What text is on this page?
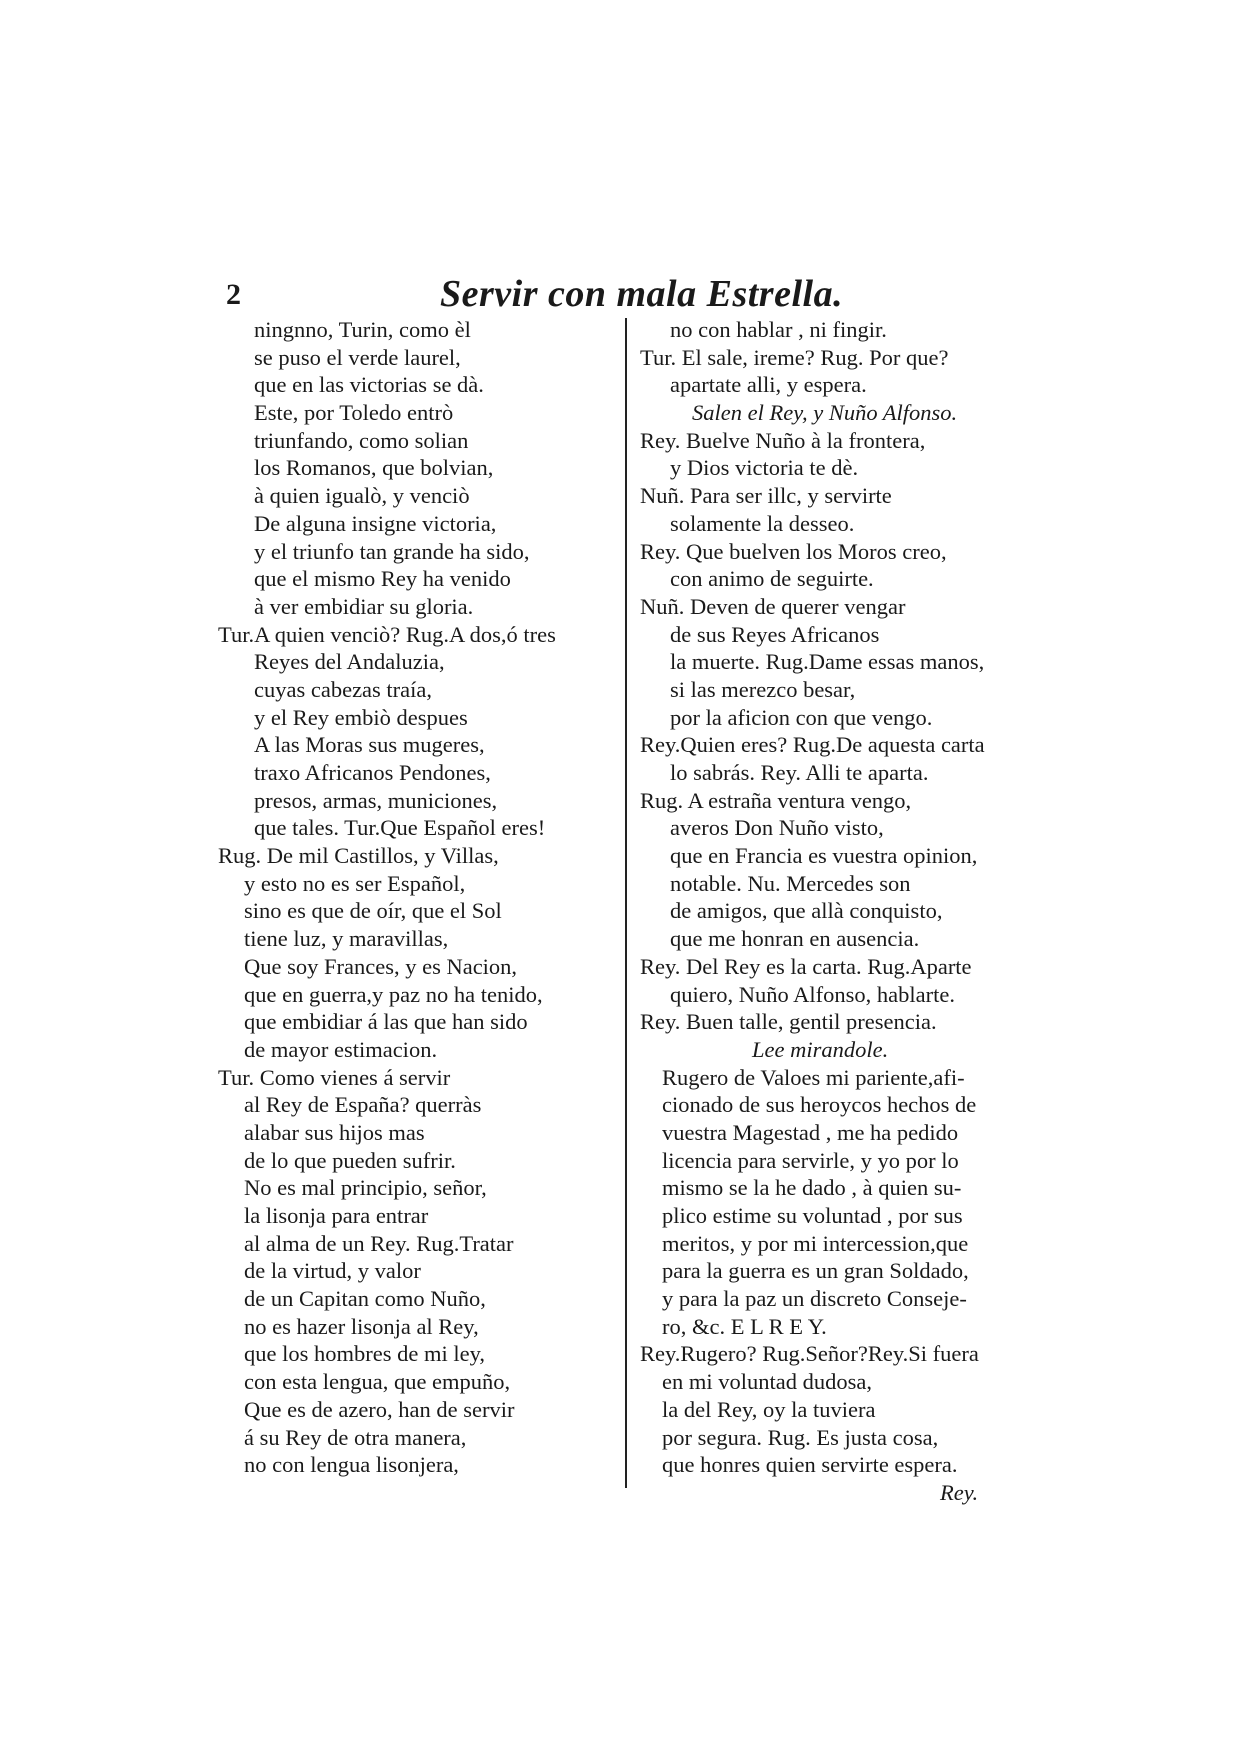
2	Servir con mala Estrella.
ningnno, Turin, como èl
se puso el verde laurel,
que en las victorias se dà.
Este, por Toledo entrò
triunfando, como solian
los Romanos, que bolvian,
à quien igualò, y venciò
De alguna insigne victoria,
y el triunfo tan grande ha sido,
que el mismo Rey ha venido
à ver embidiar su gloria.
Tur.A quien venciò? Rug.A dos,ó tres
Reyes del Andaluzia,
cuyas cabezas traía,
y el Rey embiò despues
A las Moras sus mugeres,
traxo Africanos Pendones,
presos, armas, municiones,
que tales. Tur.Que Español eres!
Rug. De mil Castillos, y Villas,
y esto no es ser Español,
sino es que de oír, que el Sol
tiene luz, y maravillas,
Que soy Frances, y es Nacion,
que en guerra,y paz no ha tenido,
que embidiar á las que han sido
de mayor estimacion.
Tur. Como vienes á servir
al Rey de España? querràs
alabar sus hijos mas
de lo que pueden sufrir.
No es mal principio, señor,
la lisonja para entrar
al alma de un Rey. Rug.Tratar
de la virtud, y valor
de un Capitan como Nuño,
no es hazer lisonja al Rey,
que los hombres de mi ley,
con esta lengua, que empuño,
Que es de azero, han de servir
á su Rey de otra manera,
no con lengua lisonjera,
no con hablar , ni fingir.
Tur. El sale, ireme? Rug. Por que?
apartate alli, y espera.
Salen el Rey, y Nuño Alfonso.
Rey. Buelve Nuño à la frontera,
y Dios victoria te dè.
Nuñ. Para ser illc, y servirte
solamente la desseo.
Rey. Que buelven los Moros creo,
con animo de seguirte.
Nuñ. Deven de querer vengar
de sus Reyes Africanos
la muerte. Rug.Dame essas manos,
si las merezco besar,
por la aficion con que vengo.
Rey.Quien eres? Rug.De aquesta carta
lo sabrás. Rey. Alli te aparta.
Rug. A estraña ventura vengo,
averos Don Nuño visto,
que en Francia es vuestra opinion,
notable. Nu. Mercedes son
de amigos, que allà conquisto,
que me honran en ausencia.
Rey. Del Rey es la carta. Rug.Aparte
quiero, Nuño Alfonso, hablarte.
Rey. Buen talle, gentil presencia.
Lee mirandole.
Rugero de Valoes mi pariente,afi-
cionado de sus heroycos hechos de
vuestra Magestad , me ha pedido
licencia para servirle, y yo por lo
mismo se la he dado , à quien su-
plico estime su voluntad , por sus
meritos, y por mi intercession,que
para la guerra es un gran Soldado,
y para la paz un discreto Consejе-
ro, &c. E L R E Y.
Rey.Rugero? Rug.Señor?Rey.Si fuera
en mi voluntad dudosa,
la del Rey, oy la tuviera
por segura. Rug. Es justa cosa,
que honres quien servirte espera.
Rey.
